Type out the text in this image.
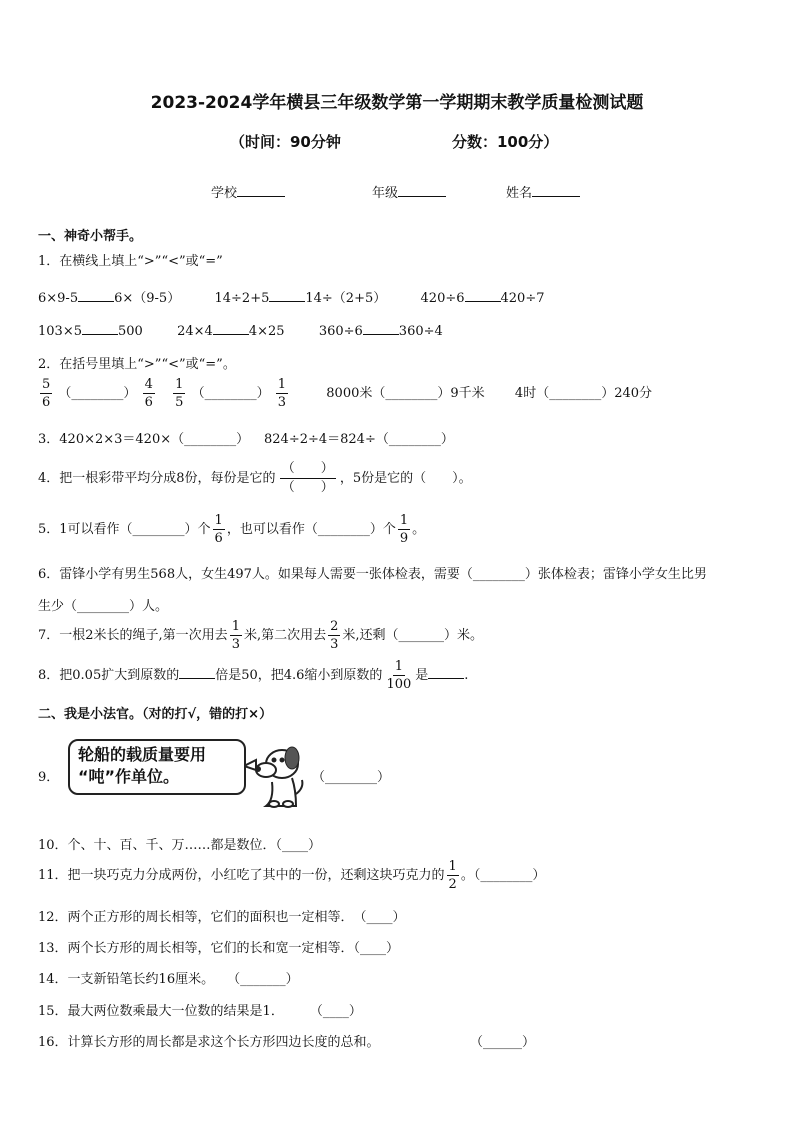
2023-2024学年横县三年级数学第一学期期末教学质量检测试题
（时间：90分钟	分数：100分）
学校	年级	姓名
一、神奇小帮手。
1．在横线上填上“>”“<”或“=”
6×9-5	6×（9-5）	14÷2+5	14÷（2+5）	420÷6	420÷7
103×5	500	24×4	4×25	360÷6	360÷4
2．在括号里填上“>”“<”或“=”。
$\frac{5}{6}$ （________） $\frac{4}{6}$
$\frac{1}{5}$ （________） $\frac{1}{3}$	8000米（________）9千米 4时（________）240分
3．420×2×3＝420×（________） 824÷2÷4＝824÷（________）
4．把一根彩带平均分成8份，每份是它的 $\frac{( )}{( )}$ ，5份是它的（　　）。
5．1可以看作（________）个 $\frac{1}{6}$ ，也可以看作（________）个 $\frac{1}{9}$ 。
6．雷锋小学有男生568人，女生497人。如果每人需要一张体检表，需要（________）张体检表；雷锋小学女生比男
生少（________）人。
7．一根2米长的绳子,第一次用去 $\frac{1}{3}$ 米,第二次用去 $\frac{2}{3}$ 米,还剩（_______）米。
8．把0.05扩大到原数的	倍是50，把4.6缩小到原数的 $\frac{1}{100}$ 是	.
二、我是小法官。（对的打√，错的打×）
9．
轮船的载质量要用
“吨”作单位。	（________）
10．个、十、百、千、万……都是数位．（____）
11．把一块巧克力分成两份，小红吃了其中的一份，还剩这块巧克力的 $\frac{1}{2}$ 。（________）
12．两个正方形的周长相等，它们的面积也一定相等．　（____）
13．两个长方形的周长相等，它们的长和宽一定相等．（____）
14．一支新铅笔长约16厘米。　　（_______）
15．最大两位数乘最大一位数的结果是1．　　　（____）
16．计算长方形的周长都是求这个长方形四边长度的总和。	（______）
